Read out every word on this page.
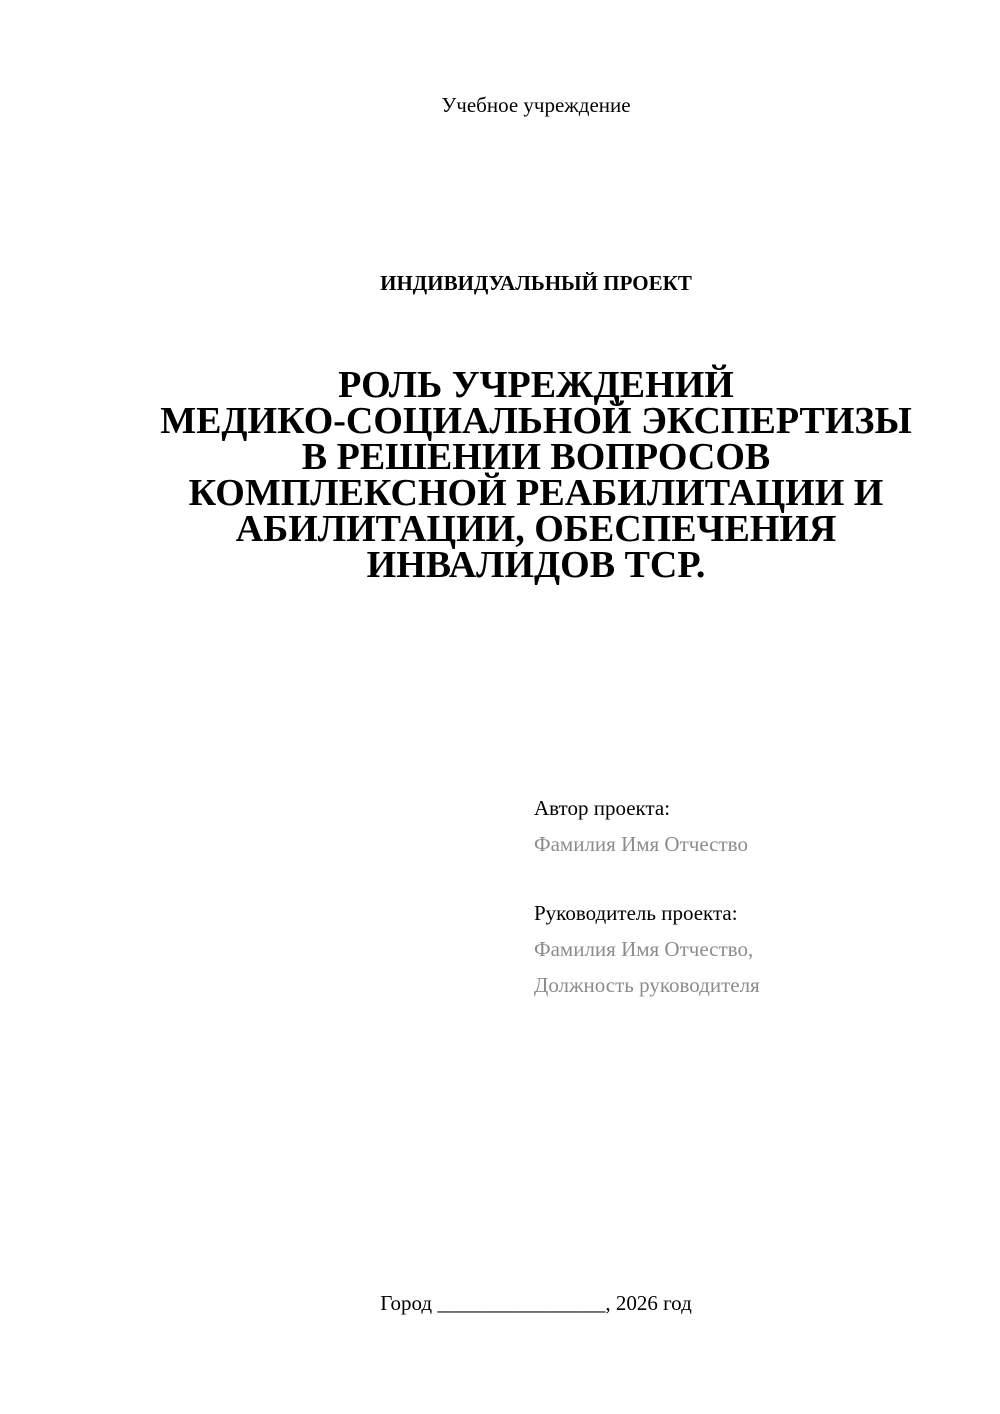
Учебное учреждение
ИНДИВИДУАЛЬНЫЙ ПРОЕКТ
РОЛЬ УЧРЕЖДЕНИЙ
МЕДИКО-СОЦИАЛЬНОЙ ЭКСПЕРТИЗЫ
В РЕШЕНИИ ВОПРОСОВ
КОМПЛЕКСНОЙ РЕАБИЛИТАЦИИ И
АБИЛИТАЦИИ, ОБЕСПЕЧЕНИЯ
ИНВАЛИДОВ ТСР.
Автор проекта:
Фамилия Имя Отчество
Руководитель проекта:
Фамилия Имя Отчество,
Должность руководителя
Город ________________, 2026 год
